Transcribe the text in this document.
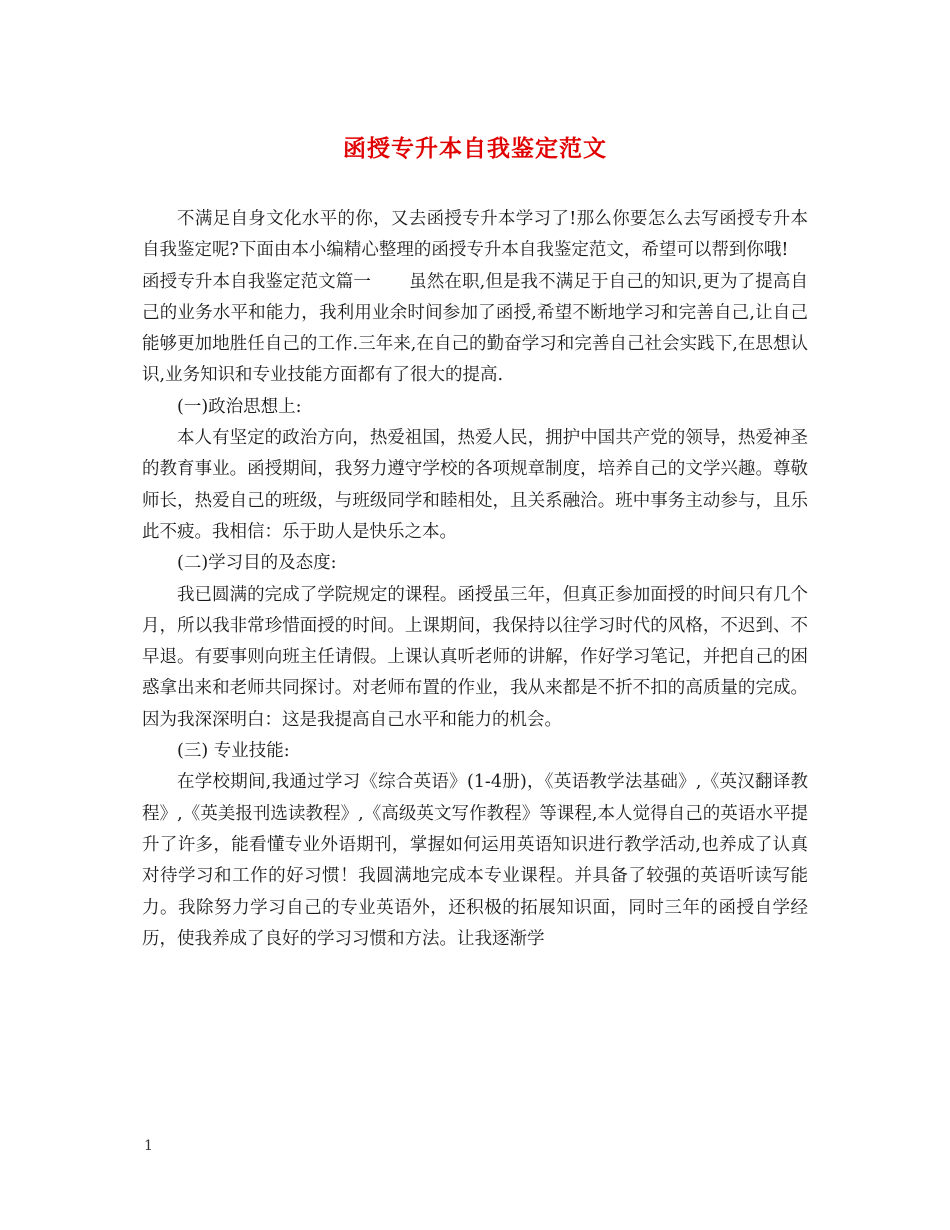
函授专升本自我鉴定范文

不满足自身文化水平的你，又去函授专升本学习了!那么你要怎么去写函授专升本自我鉴定呢?下面由本小编精心整理的函授专升本自我鉴定范文，希望可以帮到你哦!

函授专升本自我鉴定范文篇一 虽然在职,但是我不满足于自己的知识,更为了提高自己的业务水平和能力，我利用业余时间参加了函授,希望不断地学习和完善自己,让自己能够更加地胜任自己的工作.三年来,在自己的勤奋学习和完善自己社会实践下,在思想认识,业务知识和专业技能方面都有了很大的提高.

(一)政治思想上:

本人有坚定的政治方向，热爱祖国，热爱人民，拥护中国共产党的领导，热爱神圣的教育事业。函授期间，我努力遵守学校的各项规章制度，培养自己的文学兴趣。尊敬师长，热爱自己的班级，与班级同学和睦相处，且关系融洽。班中事务主动参与，且乐此不疲。我相信：乐于助人是快乐之本。

(二)学习目的及态度:

我已圆满的完成了学院规定的课程。函授虽三年，但真正参加面授的时间只有几个月，所以我非常珍惜面授的时间。上课期间，我保持以往学习时代的风格，不迟到、不早退。有要事则向班主任请假。上课认真听老师的讲解，作好学习笔记，并把自己的困惑拿出来和老师共同探讨。对老师布置的作业，我从来都是不折不扣的高质量的完成。因为我深深明白：这是我提高自己水平和能力的机会。

(三) 专业技能:

在学校期间,我通过学习《综合英语》(1-4册)，《英语教学法基础》,《英汉翻译教程》,《英美报刊选读教程》,《高级英文写作教程》等课程,本人觉得自己的英语水平提升了许多，能看懂专业外语期刊，掌握如何运用英语知识进行教学活动,也养成了认真对待学习和工作的好习惯！我圆满地完成本专业课程。并具备了较强的英语听读写能力。我除努力学习自己的专业英语外，还积极的拓展知识面，同时三年的函授自学经历，使我养成了良好的学习习惯和方法。让我逐渐学

1
